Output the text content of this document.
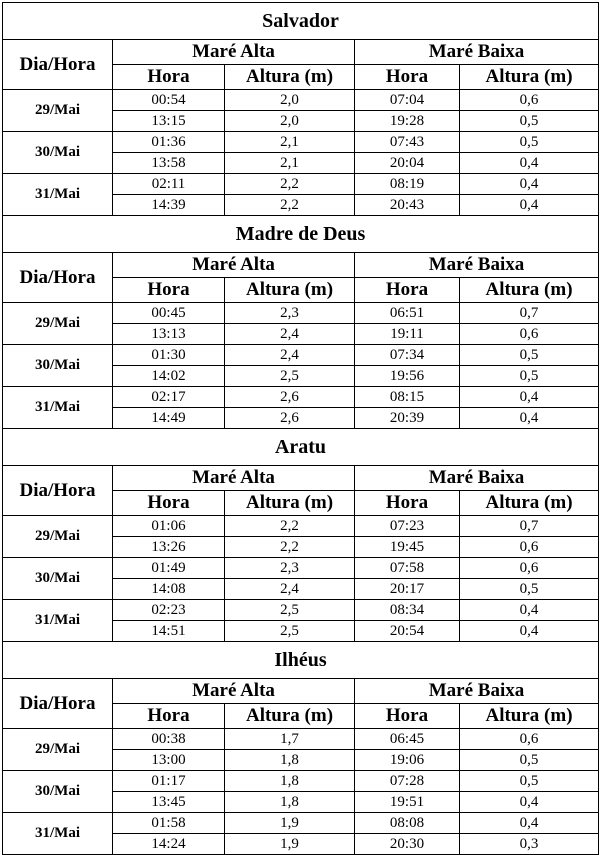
Salvador				
Dia/Hora	Maré Alta		Maré Baixa	
	Hora	Altura (m)	Hora	Altura (m)
29/Mai	00:54	2,0	07:04	0,6
	13:15	2,0	19:28	0,5
30/Mai	01:36	2,1	07:43	0,5
	13:58	2,1	20:04	0,4
31/Mai	02:11	2,2	08:19	0,4
	14:39	2,2	20:43	0,4
Madre de Deus				
Dia/Hora	Maré Alta		Maré Baixa	
	Hora	Altura (m)	Hora	Altura (m)
29/Mai	00:45	2,3	06:51	0,7
	13:13	2,4	19:11	0,6
30/Mai	01:30	2,4	07:34	0,5
	14:02	2,5	19:56	0,5
31/Mai	02:17	2,6	08:15	0,4
	14:49	2,6	20:39	0,4
Aratu				
Dia/Hora	Maré Alta		Maré Baixa	
	Hora	Altura (m)	Hora	Altura (m)
29/Mai	01:06	2,2	07:23	0,7
	13:26	2,2	19:45	0,6
30/Mai	01:49	2,3	07:58	0,6
	14:08	2,4	20:17	0,5
31/Mai	02:23	2,5	08:34	0,4
	14:51	2,5	20:54	0,4
Ilhéus				
Dia/Hora	Maré Alta		Maré Baixa	
	Hora	Altura (m)	Hora	Altura (m)
29/Mai	00:38	1,7	06:45	0,6
	13:00	1,8	19:06	0,5
30/Mai	01:17	1,8	07:28	0,5
	13:45	1,8	19:51	0,4
31/Mai	01:58	1,9	08:08	0,4
	14:24	1,9	20:30	0,3
